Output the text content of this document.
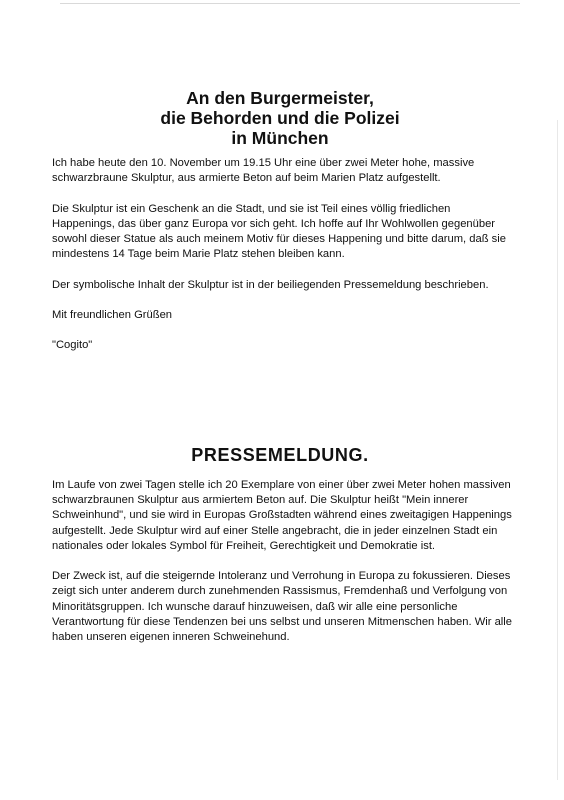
An den Burgermeister,
die Behorden und die Polizei
in München

Ich habe heute den 10. November um 19.15 Uhr eine über zwei Meter hohe, massive schwarzbraune Skulptur, aus armierte Beton auf beim Marien Platz aufgestellt.

Die Skulptur ist ein Geschenk an die Stadt, und sie ist Teil eines völlig friedlichen Happenings, das über ganz Europa vor sich geht. Ich hoffe auf Ihr Wohlwollen gegenüber sowohl dieser Statue als auch meinem Motiv für dieses Happening und bitte darum, daß sie mindestens 14 Tage beim Marie Platz stehen bleiben kann.

Der symbolische Inhalt der Skulptur ist in der beiliegenden Pressemeldung beschrieben.

Mit freundlichen Grüßen

"Cogito"

PRESSEMELDUNG.

Im Laufe von zwei Tagen stelle ich 20 Exemplare von einer über zwei Meter hohen massiven schwarzbraunen Skulptur aus armiertem Beton auf. Die Skulptur heißt "Mein innerer Schweinhund", und sie wird in Europas Großstadten während eines zweitagigen Happenings aufgestellt. Jede Skulptur wird auf einer Stelle angebracht, die in jeder einzelnen Stadt ein nationales oder lokales Symbol für Freiheit, Gerechtigkeit und Demokratie ist.

Der Zweck ist, auf die steigernde Intoleranz und Verrohung in Europa zu fokussieren. Dieses zeigt sich unter anderem durch zunehmenden Rassismus, Fremdenhaß und Verfolgung von Minoritätsgruppen. Ich wunsche darauf hinzuweisen, daß wir alle eine personliche Verantwortung für diese Tendenzen bei uns selbst und unseren Mitmenschen haben. Wir alle haben unseren eigenen inneren Schweinehund.
